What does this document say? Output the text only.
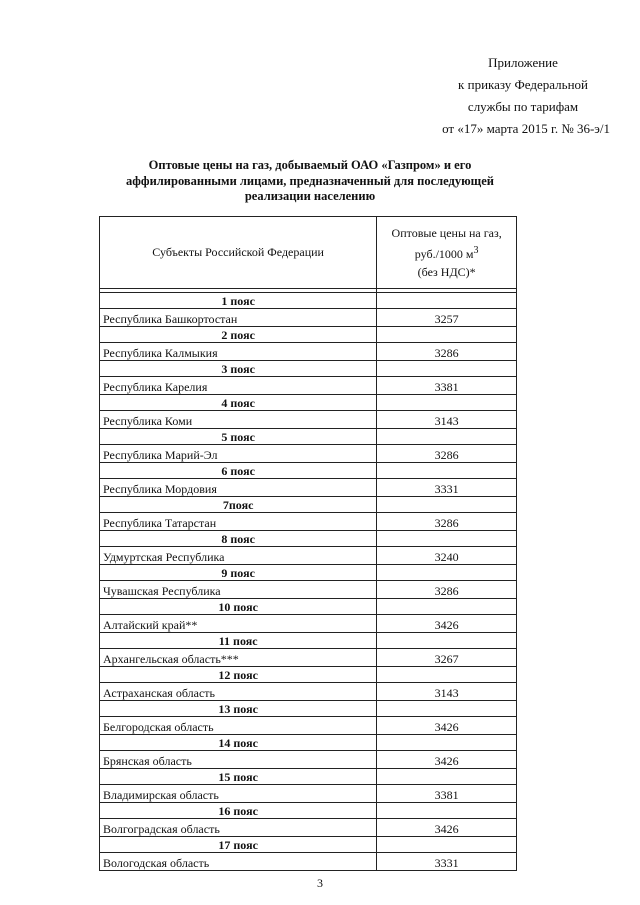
Приложение
к приказу Федеральной
службы по тарифам
от «17» марта 2015 г. № 36-э/1
Оптовые цены на газ, добываемый ОАО «Газпром» и его аффилированными лицами, предназначенный для последующей реализации населению
Субъекты Российской Федерации	Оптовые цены на газ,
руб./1000 $м^3$
(без НДС)*

1 пояс	
Республика Башкортостан	3257
2 пояс	
Республика Калмыкия	3286
3 пояс	
Республика Карелия	3381
4 пояс	
Республика Коми	3143
5 пояс	
Республика Марий-Эл	3286
6 пояс	
Республика Мордовия	3331
7пояс	
Республика Татарстан	3286
8 пояс	
Удмуртская Республика	3240
9 пояс	
Чувашская Республика	3286
10 пояс	
Алтайский край**	3426
11 пояс	
Архангельская область***	3267
12 пояс	
Астраханская область	3143
13 пояс	
Белгородская область	3426
14 пояс	
Брянская область	3426
15 пояс	
Владимирская область	3381
16 пояс	
Волгоградская область	3426
17 пояс	
Вологодская область	3331
3
